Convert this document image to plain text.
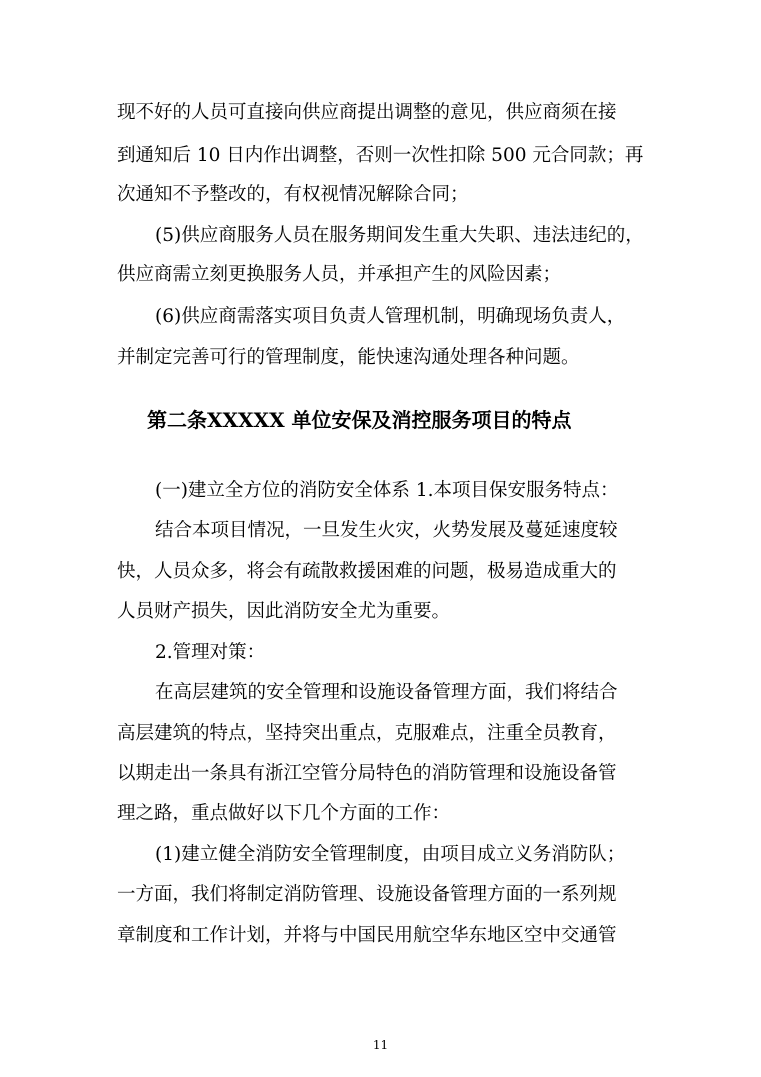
现不好的人员可直接向供应商提出调整的意见，供应商须在接
到通知后 10 日内作出调整，否则一次性扣除 500 元合同款；再
次通知不予整改的，有权视情况解除合同；
(5)供应商服务人员在服务期间发生重大失职、违法违纪的，
供应商需立刻更换服务人员，并承担产生的风险因素；
(6)供应商需落实项目负责人管理机制，明确现场负责人，
并制定完善可行的管理制度，能快速沟通处理各种问题。
第二条XXXXX 单位安保及消控服务项目的特点
(一)建立全方位的消防安全体系 1.本项目保安服务特点：
结合本项目情况，一旦发生火灾，火势发展及蔓延速度较
快，人员众多，将会有疏散救援困难的问题，极易造成重大的
人员财产损失，因此消防安全尤为重要。
2.管理对策：
在高层建筑的安全管理和设施设备管理方面，我们将结合
高层建筑的特点，坚持突出重点，克服难点，注重全员教育，
以期走出一条具有浙江空管分局特色的消防管理和设施设备管
理之路，重点做好以下几个方面的工作：
(1)建立健全消防安全管理制度，由项目成立义务消防队；
一方面，我们将制定消防管理、设施设备管理方面的一系列规
章制度和工作计划，并将与中国民用航空华东地区空中交通管
11
